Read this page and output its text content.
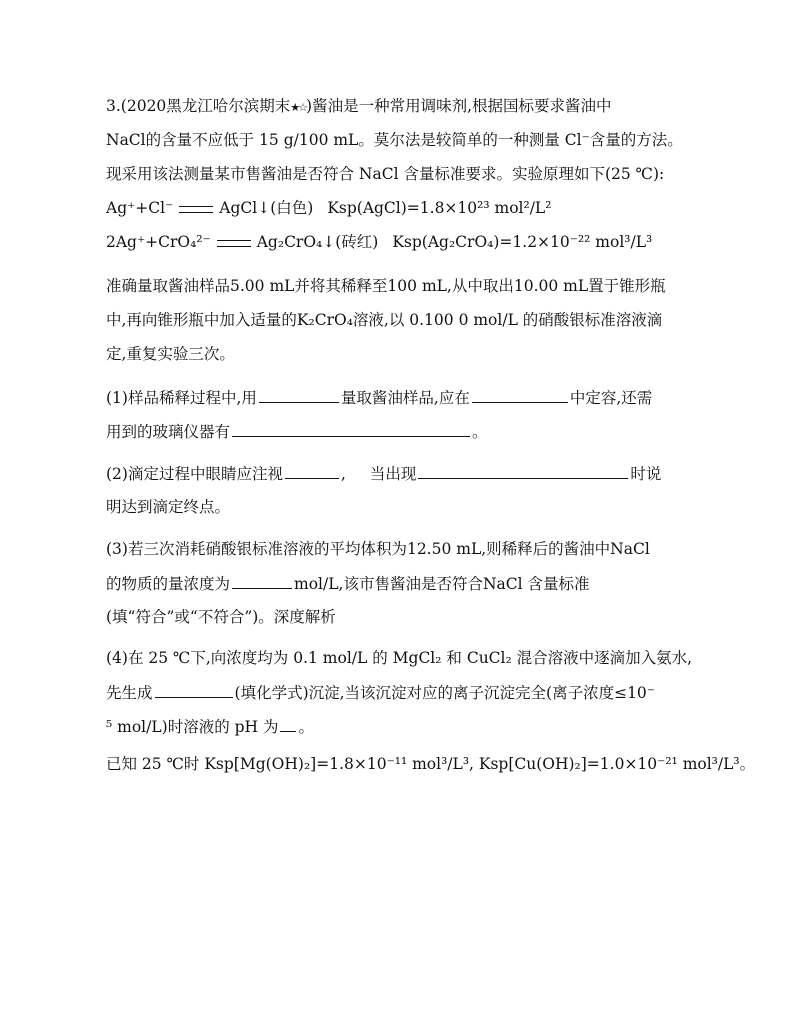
3.(2020黑龙江哈尔滨期末★☆)酱油是一种常用调味剂,根据国标要求酱油中
NaCl的含量不应低于 15 g/100 mL。莫尔法是较简单的一种测量 Cl⁻含量的方法。
现采用该法测量某市售酱油是否符合 NaCl 含量标准要求。实验原理如下(25 ℃):
Ag⁺+Cl⁻	AgCl↓(白色) Ksp(AgCl)=1.8×10²³ mol²/L²
2Ag⁺+CrO₄²⁻	Ag₂CrO₄↓(砖红) Ksp(Ag₂CrO₄)=1.2×10⁻²² mol³/L³
准确量取酱油样品5.00 mL并将其稀释至100 mL,从中取出10.00 mL置于锥形瓶
中,再向锥形瓶中加入适量的K₂CrO₄溶液,以 0.100 0 mol/L 的硝酸银标准溶液滴
定,重复实验三次。
(1)样品稀释过程中,用	量取酱油样品,应在	中定容,还需
用到的玻璃仪器有	。
(2)滴定过程中眼睛应注视	, 当出现	时说
明达到滴定终点。
(3)若三次消耗硝酸银标准溶液的平均体积为12.50 mL,则稀释后的酱油中NaCl
的物质的量浓度为	mol/L,该市售酱油是否符合NaCl 含量标准
(填“符合”或“不符合”)。深度解析
(4)在 25 ℃下,向浓度均为 0.1 mol/L 的 MgCl₂ 和 CuCl₂ 混合溶液中逐滴加入氨水,
先生成	(填化学式)沉淀,当该沉淀对应的离子沉淀完全(离子浓度≤10⁻
⁵ mol/L)时溶液的 pH 为 。
已知 25 ℃时 Ksp[Mg(OH)₂]=1.8×10⁻¹¹ mol³/L³, Ksp[Cu(OH)₂]=1.0×10⁻²¹ mol³/L³。
